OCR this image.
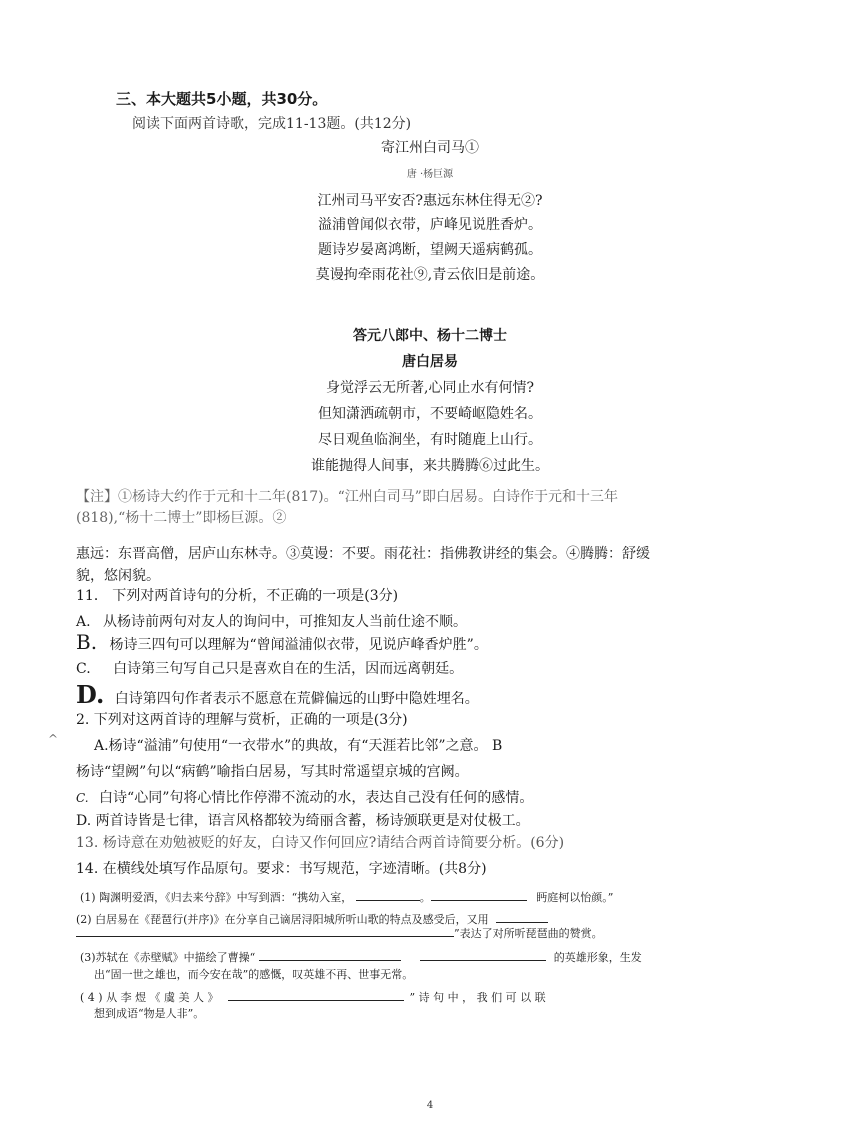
三、本大题共5小题，共30分。
阅读下面两首诗歌，完成11-13题。(共12分)
寄江州白司马①
唐 ·杨巨源
江州司马平安否?惠远东林住得无②?
溢浦曾闻似衣带，庐峰见说胜香炉。
题诗岁晏离鸿断，望阙天遥病鹤孤。
莫谩拘牵雨花社⑨,青云依旧是前途。
答元八郎中、杨十二博士
唐白居易
身觉浮云无所著,心同止水有何情?
但知潇洒疏朝市，不要崎岖隐姓名。
尽日观鱼临涧坐，有时随鹿上山行。
谁能抛得人间事，来共腾腾⑥过此生。
【注】①杨诗大约作于元和十二年(817)。“江州白司马”即白居易。白诗作于元和十三年
(818),“杨十二博士”即杨巨源。②
惠远：东晋高僧，居庐山东林寺。③莫谩：不要。雨花社：指佛教讲经的集会。④腾腾：舒缓
貌，悠闲貌。
11． 下列对两首诗句的分析，不正确的一项是(3分)
A. 从杨诗前两句对友人的询问中，可推知友人当前仕途不顺。
B. 杨诗三四句可以理解为“曾闻溢浦似衣带，见说庐峰香炉胜”。
C. 白诗第三句写自己只是喜欢自在的生活，因而远离朝廷。
D. 白诗第四句作者表示不愿意在荒僻偏远的山野中隐姓埋名。
2. 下列对这两首诗的理解与赏析，正确的一项是(3分)
^	A.杨诗“溢浦”句使用“一衣带水”的典故，有“天涯若比邻”之意。 B
杨诗“望阙”句以“病鹤”喻指白居易，写其时常遥望京城的宫阙。
C. 白诗“心同”句将心情比作停滞不流动的水，表达自己没有任何的感情。
D. 两首诗皆是七律，语言风格都较为绮丽含蓄，杨诗颁联更是对仗极工。
13. 杨诗意在劝勉被贬的好友，白诗又作何回应?请结合两首诗简要分析。(6分)
14. 在横线处填写作品原句。要求：书写规范，字迹清晰。(共8分)
(1) 陶渊明爱酒，《归去来兮辞》中写到酒：“携幼入室，	。	眄庭柯以怡颜。”
(2) 白居易在《琵琶行(并序)》在分享自己谪居浔阳城所听山歌的特点及感受后，又用
”表达了对所听琵琶曲的赞赏。
(3)苏轼在《赤壁赋》中描绘了曹操“	的英雄形象，生发
出“固一世之雄也，而今安在哉”的感慨，叹英雄不再、世事无常。
( 4 ) 从 李 煜 《 虞 美 人 》	” 诗 句 中 ， 我 们 可 以 联
想到成语“物是人非”。
4
